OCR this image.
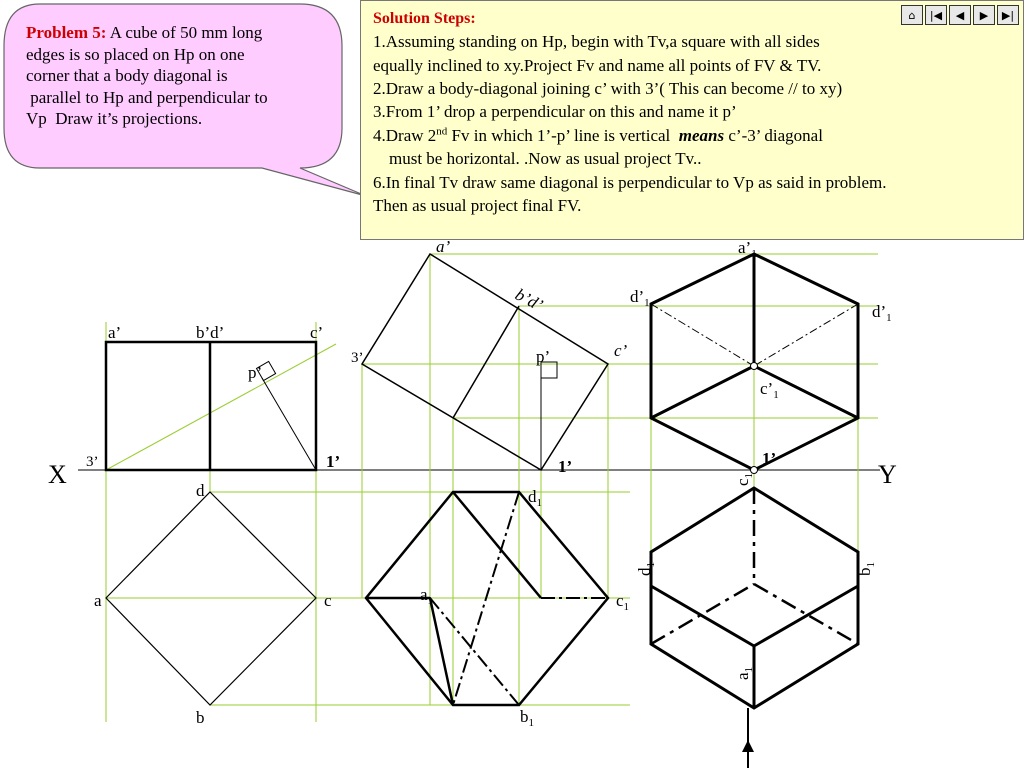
Problem 5: A cube of 50 mm long
edges is so placed on Hp on one
corner that a body diagonal is
parallel to Hp and perpendicular to
Vp  Draw it’s projections.
⌂	|◀	◀	▶	▶|
Solution Steps:
1.Assuming standing on Hp, begin with Tv,a square with all sides
equally inclined to xy.Project Fv and name all points of FV & TV.
2.Draw a body-diagonal joining c’ with 3’( This can become // to xy)
3.From 1’ drop a perpendicular on this and name it p’
4.Draw 2nd Fv in which 1’-p’ line is vertical  means c’-3’ diagonal
must be horizontal. .Now as usual project Tv..
6.In final Tv draw same diagonal is perpendicular to Vp as said in problem.
Then as usual project final FV.
X	Y
a’	b’d’	c’
3’	1’
p’
d
a	c
b
a’
b’d’
c’
3’	p’
1’
$d_1$
$a_1$	$c_1$
$b_1$
$a’_1$
$d’_1$	$d’_1$
$c’_1$
1’
$c_1$
$d_1$
$b_1$
$a_1$
